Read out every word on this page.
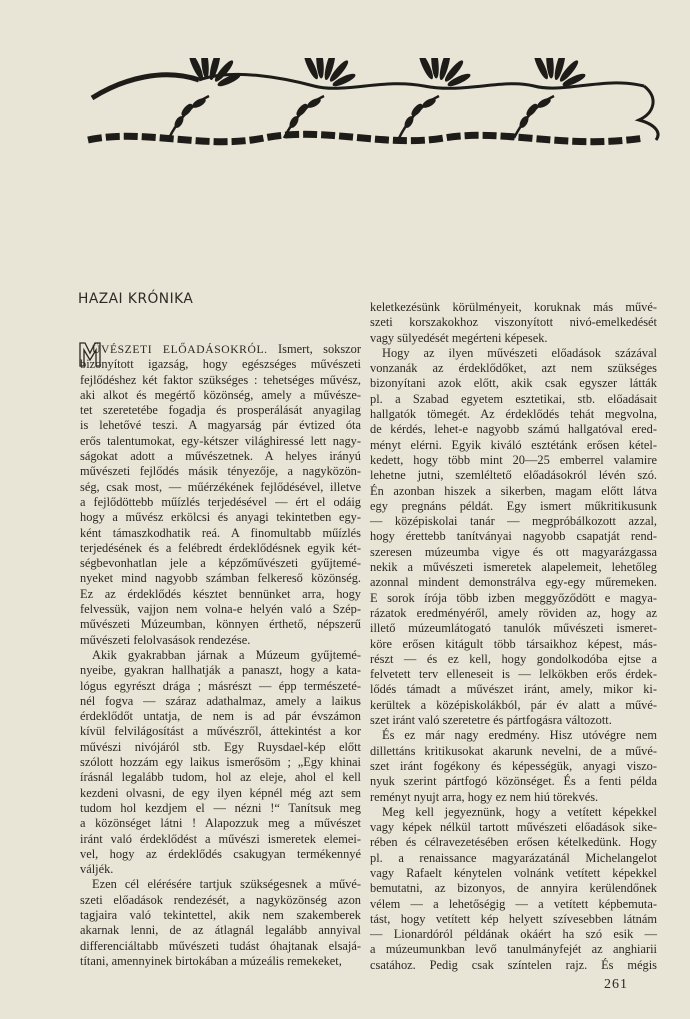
HAZAI KRÓNIKA
ŰVÉSZETI ELŐADÁSOKRÓL. Ismert, sokszor
bizonyított igazság, hogy egészséges művészeti
fejlődéshez két faktor szükséges : tehetséges művész,
aki alkot és megértő közönség, amely a művésze-
tet szeretetébe fogadja és prosperálását anyagilag
is lehetővé teszi. A magyarság pár évtized óta
erős talentumokat, egy-kétszer világhiressé lett nagy-
ságokat adott a művészetnek. A helyes irányú
művészeti fejlődés másik tényezője, a nagyközön-
ség, csak most, — műérzékének fejlődésével, illetve
a fejlődöttebb műízlés terjedésével — ért el odáig
hogy a művész erkölcsi és anyagi tekintetben egy-
ként támaszkodhatik reá. A finomultabb műízlés
terjedésének és a felébredt érdeklődésnek egyik két-
ségbevonhatlan jele a képzőművészeti gyűjtemé-
nyeket mind nagyobb számban felkereső közönség.
Ez az érdeklődés késztet bennünket arra, hogy
felvessük, vajjon nem volna-e helyén való a Szép-
művészeti Múzeumban, könnyen érthető, népszerű
művészeti felolvasások rendezése.
Akik gyakrabban járnak a Múzeum gyűjtemé-
nyeibe, gyakran hallhatják a panaszt, hogy a kata-
lógus egyrészt drága ; másrészt — épp természeté-
nél fogva — száraz adathalmaz, amely a laikus
érdeklődőt untatja, de nem is ad pár évszámon
kívül felvilágosítást a művészről, áttekintést a kor
művészi nivójáról stb. Egy Ruysdael-kép előtt
szólott hozzám egy laikus ismerősöm ; „Egy khinai
írásnál legalább tudom, hol az eleje, ahol el kell
kezdeni olvasni, de egy ilyen képnél még azt sem
tudom hol kezdjem el — nézni !“ Tanítsuk meg
a közönséget látni ! Alapozzuk meg a művészet
iránt való érdeklődést a művészi ismeretek elemei-
vel, hogy az érdeklődés csakugyan termékennyé
váljék.
Ezen cél elérésére tartjuk szükségesnek a művé-
szeti előadások rendezését, a nagyközönség azon
tagjaira való tekintettel, akik nem szakemberek
akarnak lenni, de az átlagnál legalább annyival
differenciáltabb művészeti tudást óhajtanak elsajá-
títani, amennyinek birtokában a múzeális remekeket,
keletkezésünk körülményeit, koruknak más művé-
szeti korszakokhoz viszonyított nivó-emelkedését
vagy sülyedését megérteni képesek.
Hogy az ilyen művészeti előadások százával
vonzanák az érdeklődőket, azt nem szükséges
bizonyítani azok előtt, akik csak egyszer látták
pl. a Szabad egyetem esztetikai, stb. előadásait
hallgatók tömegét. Az érdeklődés tehát megvolna,
de kérdés, lehet-e nagyobb számú hallgatóval ered-
ményt elérni. Egyik kiváló esztétánk erősen kétel-
kedett, hogy több mint 20—25 emberrel valamire
lehetne jutni, szemléltető előadásokról lévén szó.
Én azonban hiszek a sikerben, magam előtt látva
egy pregnáns példát. Egy ismert műkritikusunk
— középiskolai tanár — megpróbálkozott azzal,
hogy érettebb tanítványai nagyobb csapatját rend-
szeresen múzeumba vigye és ott magyarázgassa
nekik a művészeti ismeretek alapelemeit, lehetőleg
azonnal mindent demonstrálva egy-egy műremeken.
E sorok írója több izben meggyőződött e magya-
rázatok eredményéről, amely röviden az, hogy az
illető múzeumlátogató tanulók művészeti ismeret-
köre erősen kitágult több társaikhoz képest, más-
részt — és ez kell, hogy gondolkodóba ejtse a
felvetett terv elleneseit is — lelkökben erős érdek-
lődés támadt a művészet iránt, amely, mikor ki-
kerültek a középiskolákból, pár év alatt a művé-
szet iránt való szeretetre és pártfogásra változott.
És ez már nagy eredmény. Hisz utóvégre nem
dillettáns kritikusokat akarunk nevelni, de a művé-
szet iránt fogékony és képességük, anyagi viszo-
nyuk szerint pártfogó közönséget. És a fenti példa
reményt nyujt arra, hogy ez nem hiú törekvés.
Meg kell jegyeznünk, hogy a vetített képekkel
vagy képek nélkül tartott művészeti előadások sike-
rében és célravezetésében erősen kételkedünk. Hogy
pl. a renaissance magyarázatánál Michelangelot
vagy Rafaelt kénytelen volnánk vetített képekkel
bemutatni, az bizonyos, de annyira kerülendőnek
vélem — a lehetőségig — a vetített képbemuta-
tást, hogy vetített kép helyett szívesebben látnám
— Lionardóról példának okáért ha szó esik —
a múzeumunkban levő tanulmányfejét az anghiarii
csatához. Pedig csak színtelen rajz. És mégis
261
